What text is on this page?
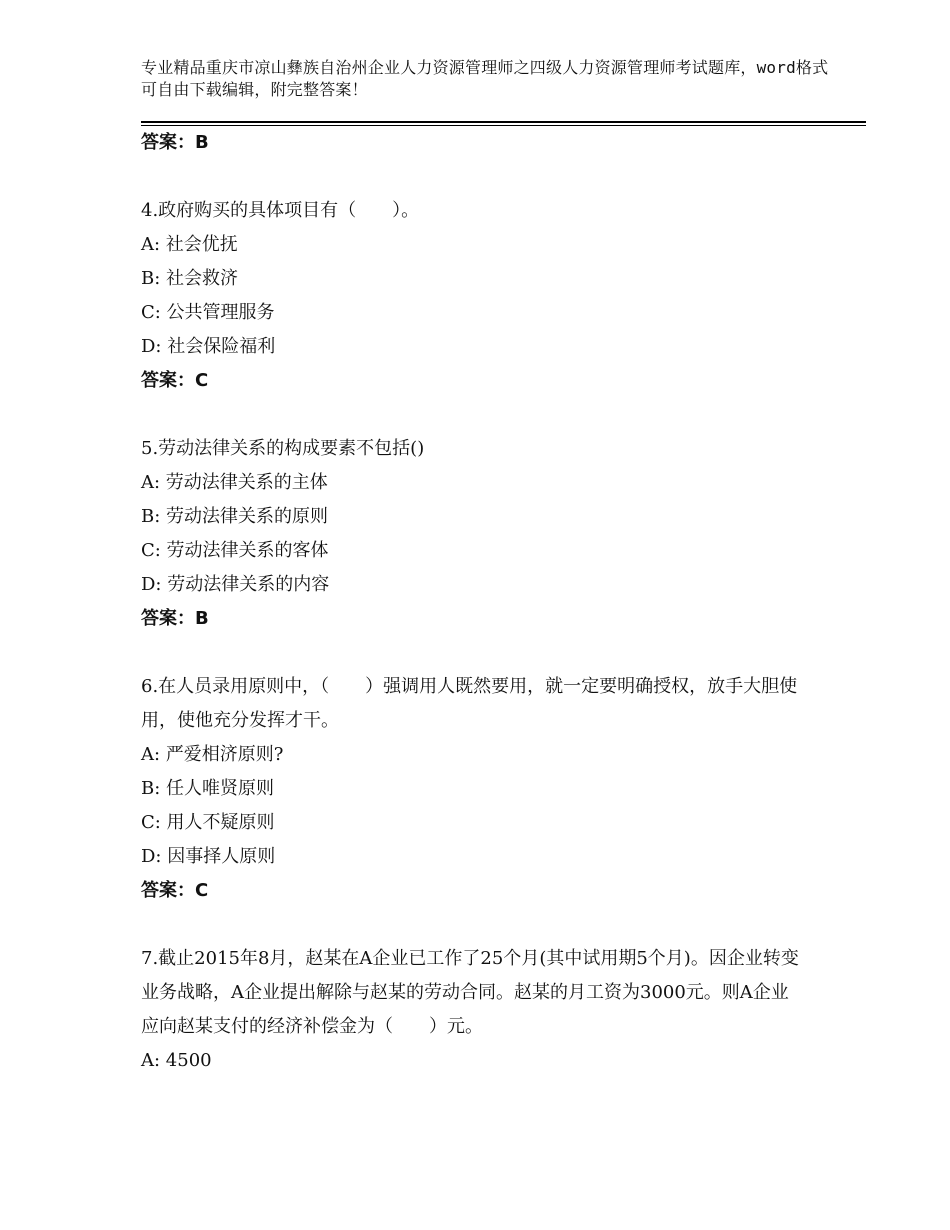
专业精品重庆市凉山彝族自治州企业人力资源管理师之四级人力资源管理师考试题库，word格式可自由下载编辑，附完整答案！
答案：B
4.政府购买的具体项目有（　　）。
A: 社会优抚
B: 社会救济
C: 公共管理服务
D: 社会保险福利
答案：C
5.劳动法律关系的构成要素不包括()
A: 劳动法律关系的主体
B: 劳动法律关系的原则
C: 劳动法律关系的客体
D: 劳动法律关系的内容
答案：B
6.在人员录用原则中，（　　）强调用人既然要用，就一定要明确授权，放手大胆使用，使他充分发挥才干。
A: 严爱相济原则?
B: 任人唯贤原则
C: 用人不疑原则
D: 因事择人原则
答案：C
7.截止2015年8月，赵某在A企业已工作了25个月(其中试用期5个月)。因企业转变业务战略，A企业提出解除与赵某的劳动合同。赵某的月工资为3000元。则A企业应向赵某支付的经济补偿金为（　　）元。
A: 4500
